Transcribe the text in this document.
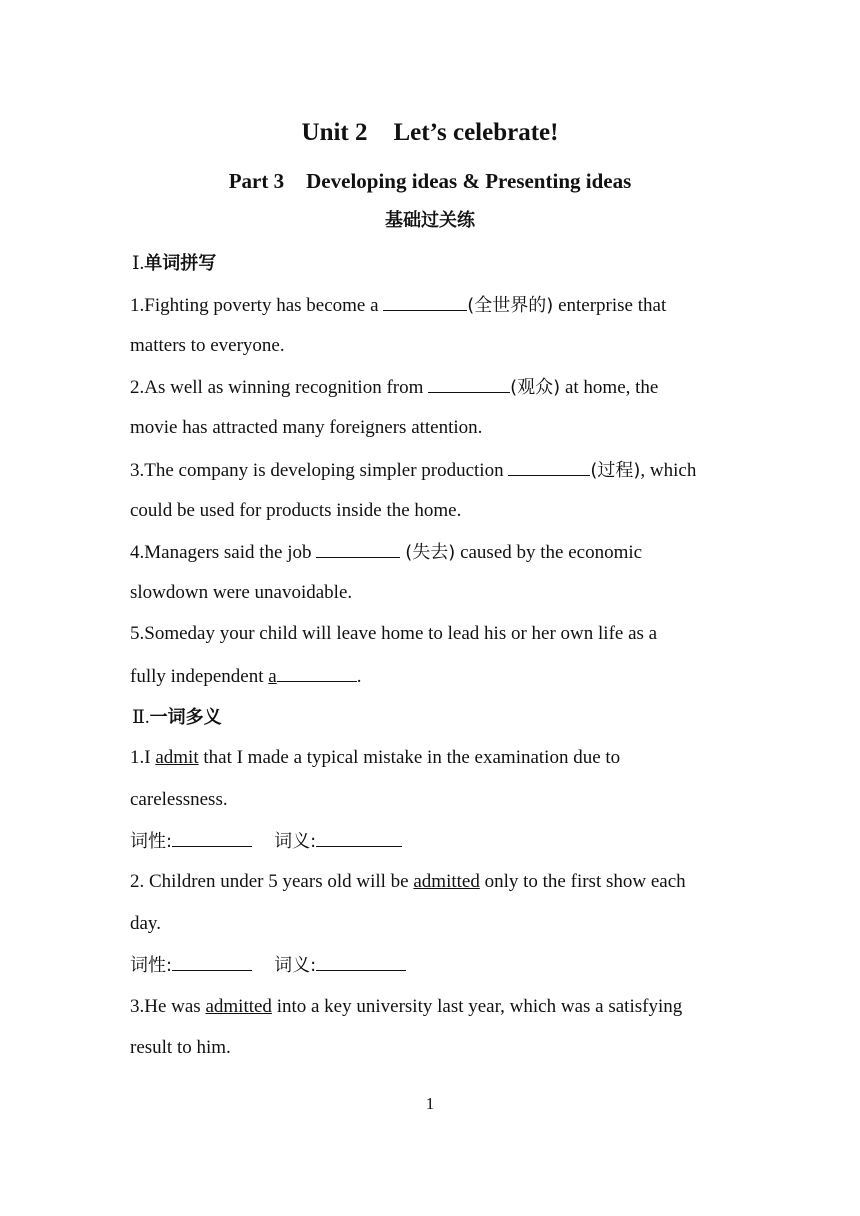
Unit 2 Let’s celebrate!
Part 3 Developing ideas & Presenting ideas
基础过关练
Ⅰ.单词拼写
1.Fighting poverty has become a	(全世界的) enterprise that
matters to everyone.
2.As well as winning recognition from	(观众) at home, the
movie has attracted many foreigners attention.
3.The company is developing simpler production	(过程), which
could be used for products inside the home.
4.Managers said the job	(失去) caused by the economic
slowdown were unavoidable.
5.Someday your child will leave home to lead his or her own life as a
fully independent a	.
Ⅱ.一词多义
1.I admit that I made a typical mistake in the examination due to
carelessness.
词性:	词义:
2. Children under 5 years old will be admitted only to the first show each
day.
词性:	词义:
3.He was admitted into a key university last year, which was a satisfying
result to him.
1
